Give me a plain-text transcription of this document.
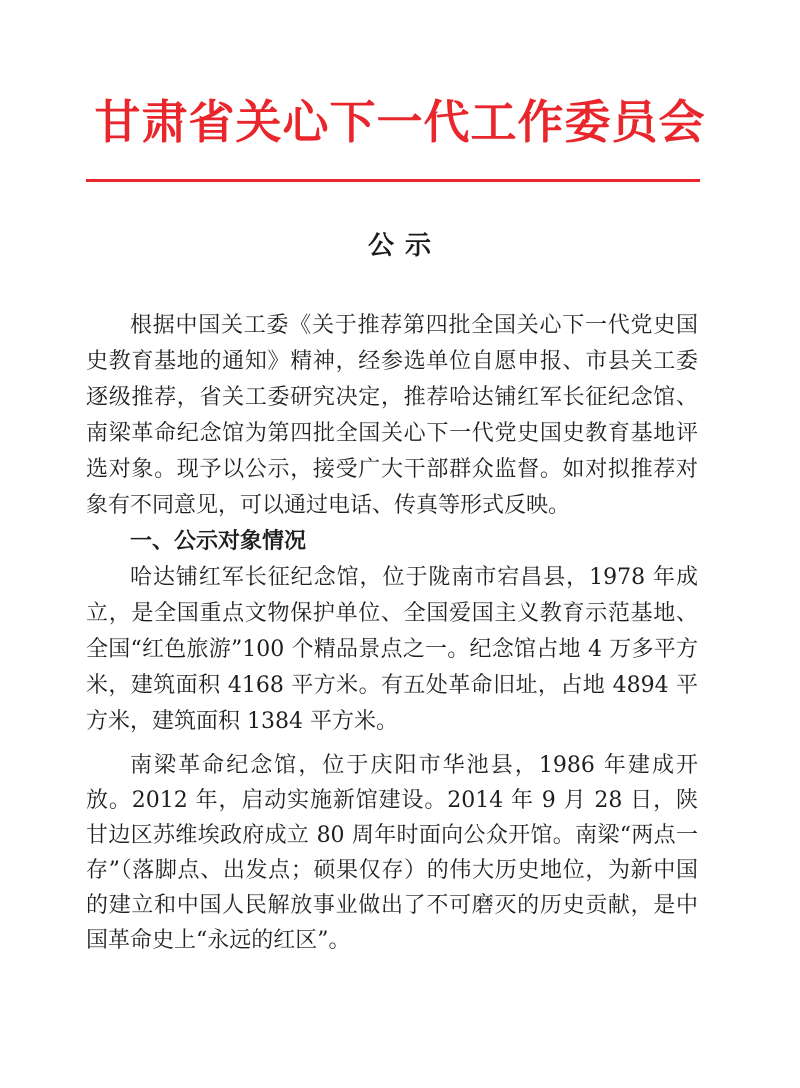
甘肃省关心下一代工作委员会
公 示

根据中国关工委《关于推荐第四批全国关心下一代党史国史教育基地的通知》精神，经参选单位自愿申报、市县关工委逐级推荐，省关工委研究决定，推荐哈达铺红军长征纪念馆、南梁革命纪念馆为第四批全国关心下一代党史国史教育基地评选对象。现予以公示，接受广大干部群众监督。如对拟推荐对象有不同意见，可以通过电话、传真等形式反映。

一、公示对象情况

哈达铺红军长征纪念馆，位于陇南市宕昌县，1978 年成立，是全国重点文物保护单位、全国爱国主义教育示范基地、全国“红色旅游”100 个精品景点之一。纪念馆占地 4 万多平方米，建筑面积 4168 平方米。有五处革命旧址，占地 4894 平方米，建筑面积 1384 平方米。

南梁革命纪念馆，位于庆阳市华池县，1986 年建成开放。2012 年，启动实施新馆建设。2014 年 9 月 28 日，陕甘边区苏维埃政府成立 80 周年时面向公众开馆。南梁“两点一存”（落脚点、出发点；硕果仅存）的伟大历史地位，为新中国的建立和中国人民解放事业做出了不可磨灭的历史贡献，是中国革命史上“永远的红区”。
